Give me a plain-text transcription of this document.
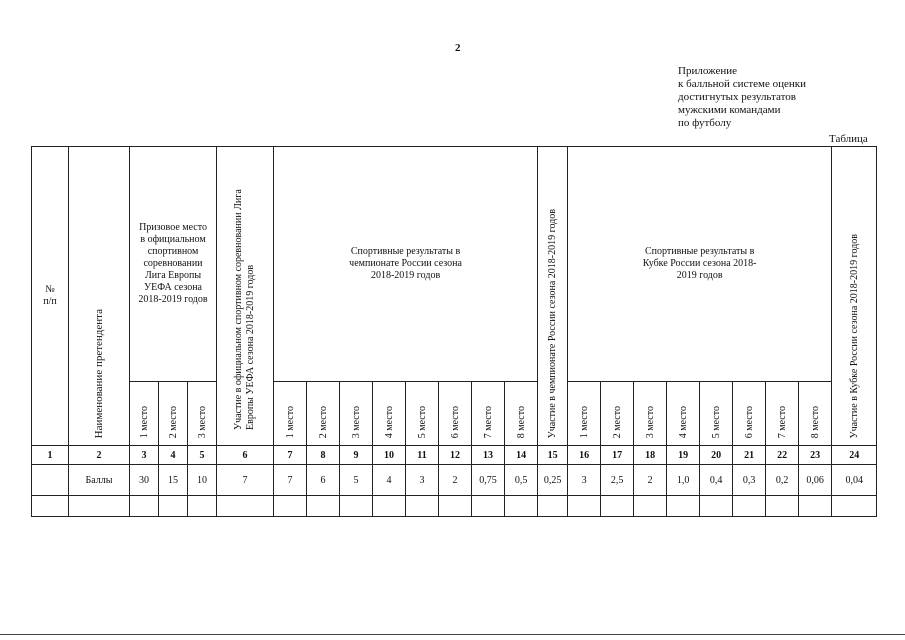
2
Приложение
к балльной системе оценки
достигнутых результатов
мужскими командами
по футболу
Таблица
№ п/п	Наименование претендента	Призовое место в официальном спортивном соревновании Лига Европы УЕФА сезона 2018-2019 годов			Участие в официальном спортивном соревновании Лига Европы УЕФА сезона 2018-2019 годов	Спортивные результаты в чемпионате России сезона 2018-2019 годов								Участие в чемпионате России сезона 2018-2019 годов	Спортивные результаты в Кубке России сезона 2018-2019 годов								Участие в Кубке России сезона 2018-2019 годов
		1 место	2 место	3 место		1 место	2 место	3 место	4 место	5 место	6 место	7 место	8 место		1 место	2 место	3 место	4 место	5 место	6 место	7 место	8 место	
1	2	3	4	5	6	7	8	9	10	11	12	13	14	15	16	17	18	19	20	21	22	23	24
	Баллы	30	15	10	7	7	6	5	4	3	2	0,75	0,5	0,25	3	2,5	2	1,0	0,4	0,3	0,2	0,06	0,04
